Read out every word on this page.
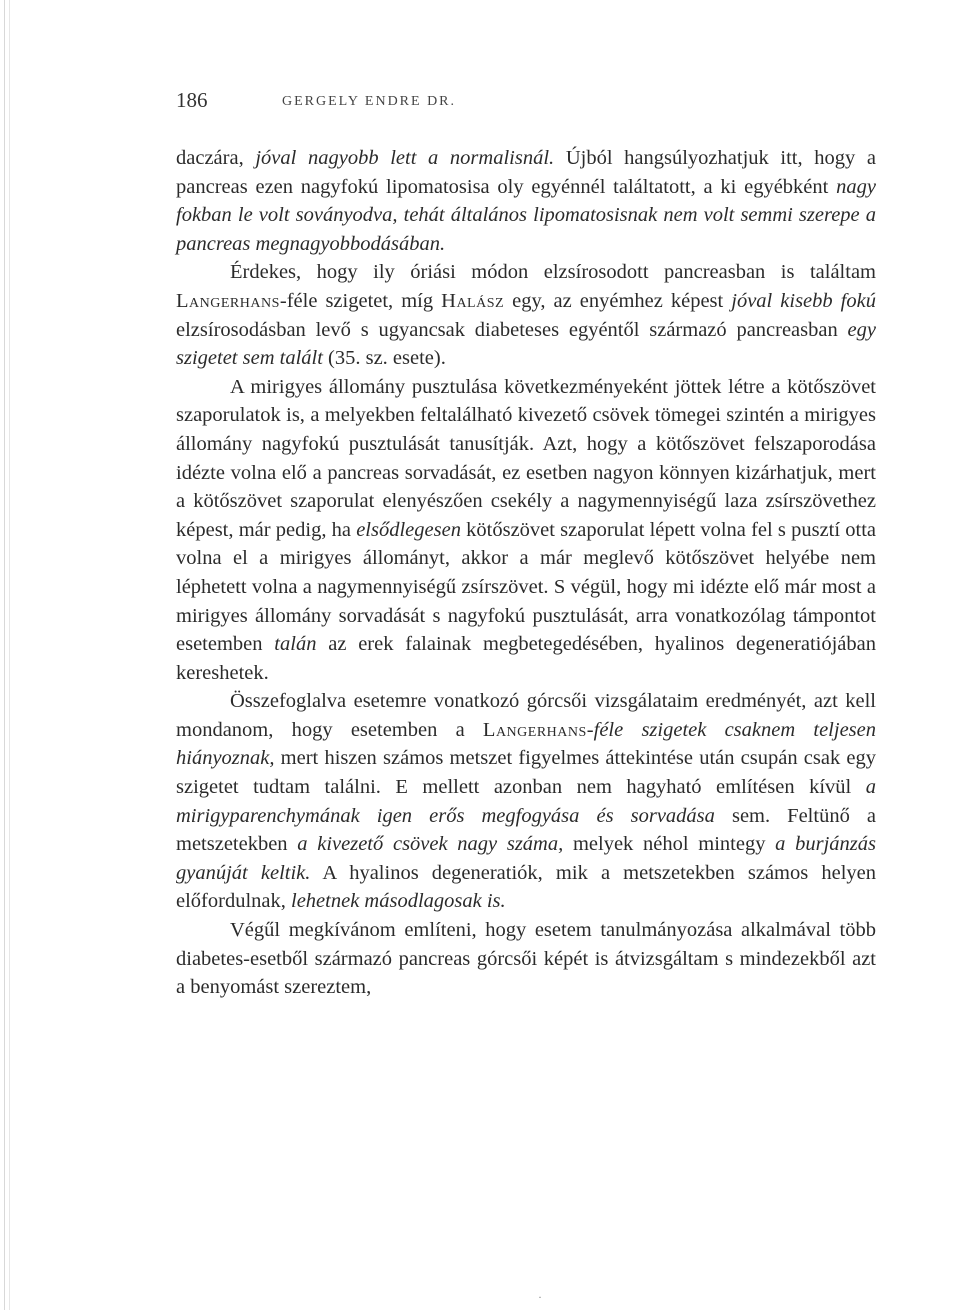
186	GERGELY ENDRE DR.

daczára, jóval nagyobb lett a normalisnál. Újból hangsúlyozhatjuk itt, hogy a pancreas ezen nagyfokú lipomatosisa oly egyénnél találtatott, a ki egyébként nagy fokban le volt soványodva, tehát általános lipomatosisnak nem volt semmi szerepe a pancreas megnagyobbodásában.

Érdekes, hogy ily óriási módon elzsírosodott pancreasban is találtam Langerhans-féle szigetet, míg Halász egy, az enyémhez képest jóval kisebb fokú elzsírosodásban levő s ugyancsak diabeteses egyéntől származó pancreasban egy szigetet sem talált (35. sz. esete).

A mirigyes állomány pusztulása következményeként jöttek létre a kötőszövet szaporulatok is, a melyekben feltalálható kivezető csövek tömegei szintén a mirigyes állomány nagyfokú pusztulását tanusítják. Azt, hogy a kötőszövet felszaporodása idézte volna elő a pancreas sorvadását, ez esetben nagyon könnyen kizárhatjuk, mert a kötőszövet szaporulat elenyészően csekély a nagymennyiségű laza zsírszövethez képest, már pedig, ha elsődlegesen kötőszövet szaporulat lépett volna fel s pusztí otta volna el a mirigyes állományt, akkor a már meglevő kötőszövet helyébe nem léphetett volna a nagymennyiségű zsírszövet. S végül, hogy mi idézte elő már most a mirigyes állomány sorvadását s nagyfokú pusztulását, arra vonatkozólag támpontot esetemben talán az erek falainak megbetegedésében, hyalinos degeneratiójában kereshetek.

Összefoglalva esetemre vonatkozó górcsői vizsgálataim eredményét, azt kell mondanom, hogy esetemben a Langerhans-féle szigetek csaknem teljesen hiányoznak, mert hiszen számos metszet figyelmes áttekintése után csupán csak egy szigetet tudtam találni. E mellett azonban nem hagyható említésen kívül a mirigyparenchymának igen erős megfogyása és sorvadása sem. Feltünő a metszetekben a kivezető csövek nagy száma, melyek néhol mintegy a burjánzás gyanúját keltik. A hyalinos degeneratiók, mik a metszetekben számos helyen előfordulnak, lehetnek másodlagosak is.

Végűl megkívánom említeni, hogy esetem tanulmányozása alkalmával több diabetes-esetből származó pancreas górcsői képét is átvizsgáltam s mindezekből azt a benyomást szereztem,

·
